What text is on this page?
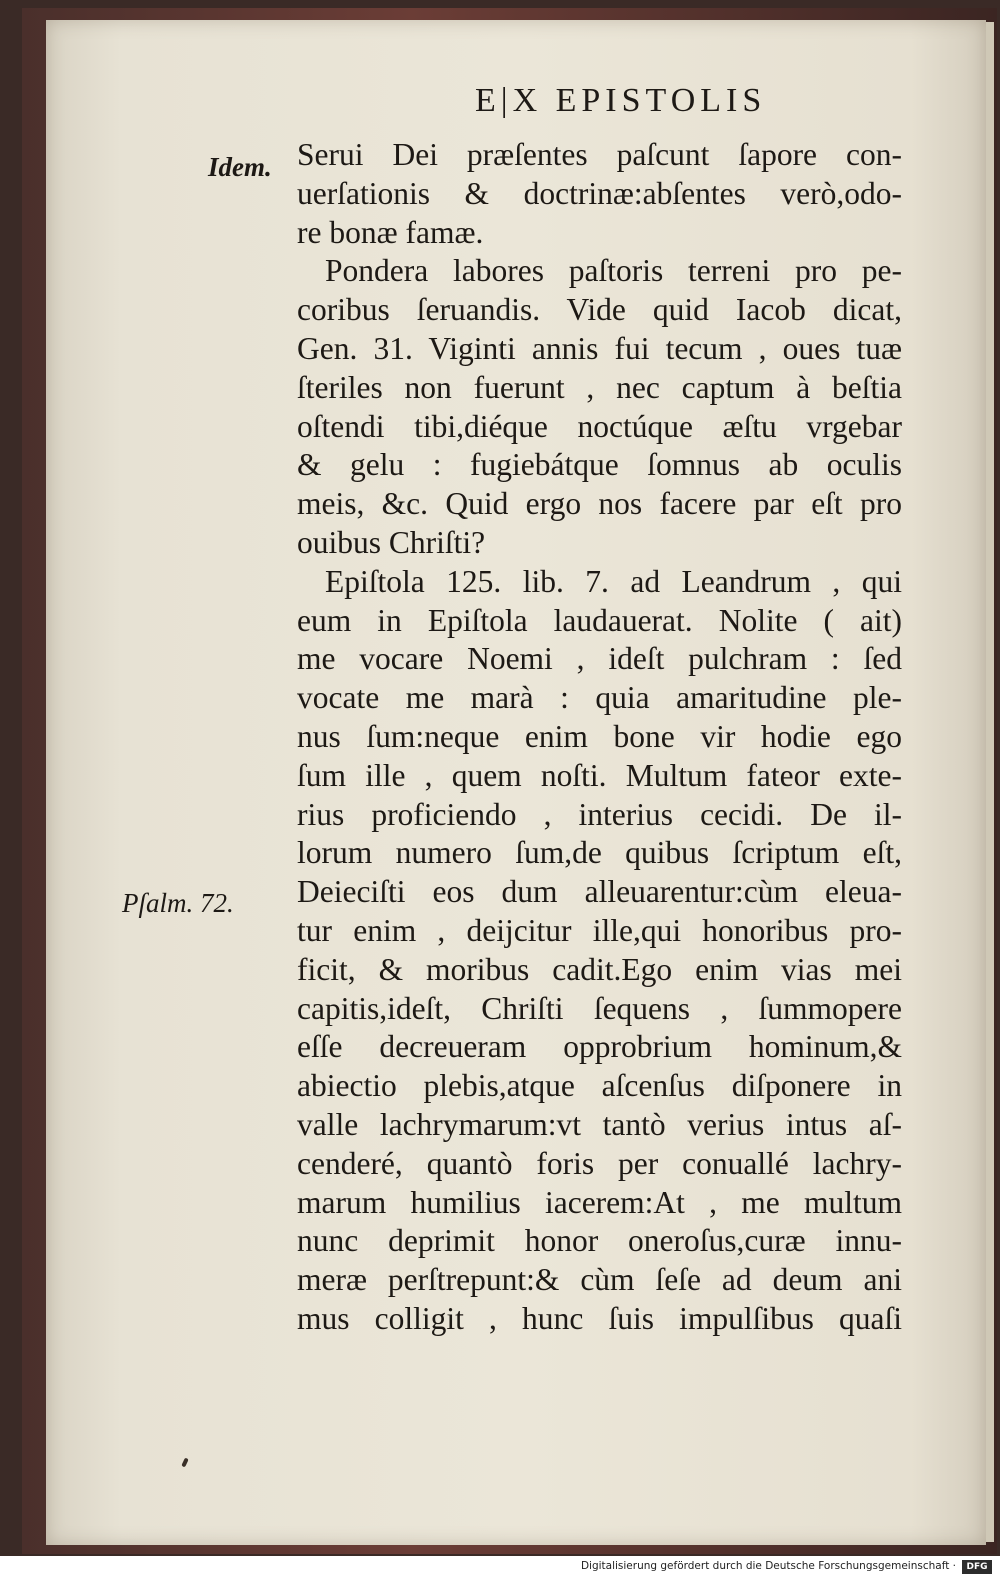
E|X EPISTOLIS
Idem.
Pſalm. 72.
Serui Dei præſentes paſcunt ſapore con-
uerſationis & doctrinæ:abſentes verò,odo-
re bonæ famæ.
Pondera labores paſtoris terreni pro pe-
coribus ſeruandis. Vide quid Iacob dicat,
Gen. 31. Viginti annis fui tecum , oues tuæ
ſteriles non fuerunt , nec captum à beſtia
oſtendi tibi,diéque noctúque æſtu vrgebar
& gelu : fugiebátque ſomnus ab oculis
meis, &c. Quid ergo nos facere par eſt pro
ouibus Chriſti?
Epiſtola 125. lib. 7. ad Leandrum , qui
eum in Epiſtola laudauerat. Nolite ( ait)
me vocare Noemi , ideſt pulchram : ſed
vocate me marà : quia amaritudine ple-
nus ſum:neque enim bone vir hodie ego
ſum ille , quem noſti. Multum fateor exte-
rius proficiendo , interius cecidi. De il-
lorum numero ſum,de quibus ſcriptum eſt,
Deieciſti eos dum alleuarentur:cùm eleua-
tur enim , deijcitur ille,qui honoribus pro-
ficit, & moribus cadit.Ego enim vias mei
capitis,ideſt, Chriſti ſequens , ſummopere
eſſe decreueram opprobrium hominum,&
abiectio plebis,atque aſcenſus diſponere in
valle lachrymarum:vt tantò verius intus aſ-
cenderé, quantò foris per conuallé lachry-
marum humilius iacerem:At , me multum
nunc deprimit honor oneroſus,curæ innu-
meræ perſtrepunt:& cùm ſeſe ad deum ani
mus colligit , hunc ſuis impulſibus quaſi
Digitalisierung gefördert durch die Deutsche Forschungsgemeinschaft ·	DFG
